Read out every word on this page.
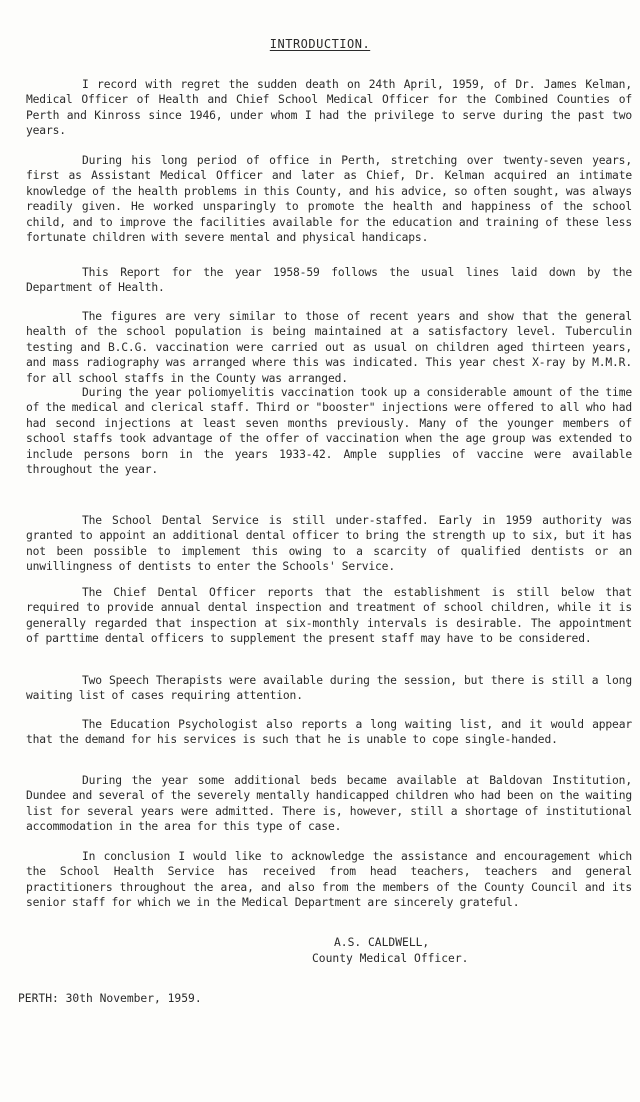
INTRODUCTION.

I record with regret the sudden death on 24th April, 1959, of Dr. James Kelman, Medical Officer of Health and Chief School Medical Officer for the Combined Counties of Perth and Kinross since 1946, under whom I had the privilege to serve during the past two years.

During his long period of office in Perth, stretching over twenty-seven years, first as Assistant Medical Officer and later as Chief, Dr. Kelman acquired an intimate knowledge of the health problems in this County, and his advice, so often sought, was always readily given. He worked unsparingly to promote the health and happiness of the school child, and to improve the facilities available for the education and training of these less fortunate children with severe mental and physical handicaps.

This Report for the year 1958-59 follows the usual lines laid down by the Department of Health.

The figures are very similar to those of recent years and show that the general health of the school population is being maintained at a satisfactory level. Tuberculin testing and B.C.G. vaccination were carried out as usual on children aged thirteen years, and mass radiography was arranged where this was indicated. This year chest X-ray by M.M.R. for all school staffs in the County was arranged.

During the year poliomyelitis vaccination took up a considerable amount of the time of the medical and clerical staff. Third or "booster" injections were offered to all who had had second injections at least seven months previously. Many of the younger members of school staffs took advantage of the offer of vaccination when the age group was extended to include persons born in the years 1933-42. Ample supplies of vaccine were available throughout the year.

The School Dental Service is still under-staffed. Early in 1959 authority was granted to appoint an additional dental officer to bring the strength up to six, but it has not been possible to implement this owing to a scarcity of qualified dentists or an unwillingness of dentists to enter the Schools' Service.

The Chief Dental Officer reports that the establishment is still below that required to provide annual dental inspection and treatment of school children, while it is generally regarded that inspection at six-monthly intervals is desirable. The appointment of parttime dental officers to supplement the present staff may have to be considered.

Two Speech Therapists were available during the session, but there is still a long waiting list of cases requiring attention.

The Education Psychologist also reports a long waiting list, and it would appear that the demand for his services is such that he is unable to cope single-handed.

During the year some additional beds became available at Baldovan Institution, Dundee and several of the severely mentally handicapped children who had been on the waiting list for several years were admitted. There is, however, still a shortage of institutional accommodation in the area for this type of case.

In conclusion I would like to acknowledge the assistance and encouragement which the School Health Service has received from head teachers, teachers and general practitioners throughout the area, and also from the members of the County Council and its senior staff for which we in the Medical Department are sincerely grateful.

A.S. CALDWELL,

County Medical Officer.

PERTH: 30th November, 1959.
